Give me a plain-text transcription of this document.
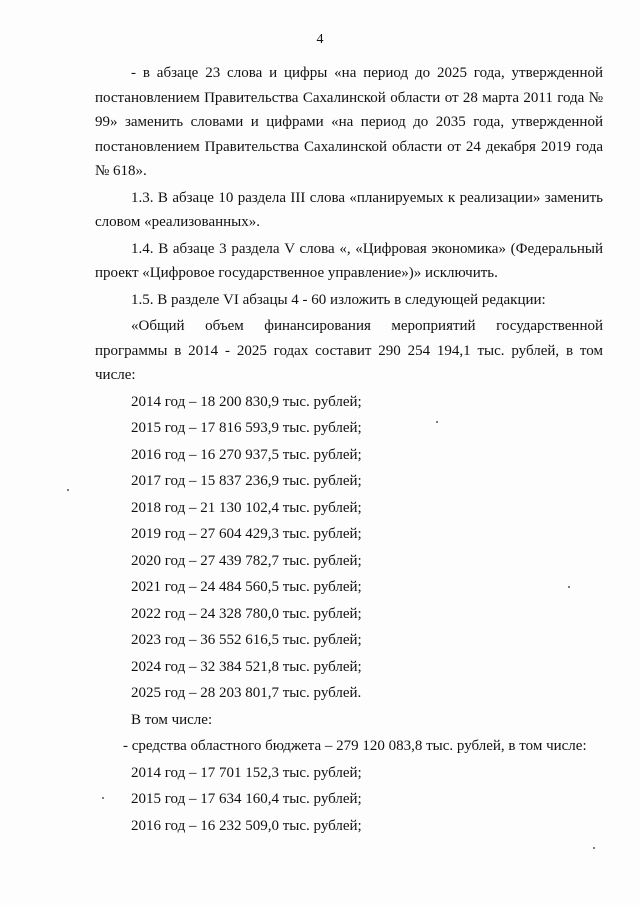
4

- в абзаце 23 слова и цифры «на период до 2025 года, утвержденной постановлением Правительства Сахалинской области от 28 марта 2011 года № 99» заменить словами и цифрами «на период до 2035 года, утвержденной постановлением Правительства Сахалинской области от 24 декабря 2019 года № 618».

1.3. В абзаце 10 раздела III слова «планируемых к реализации» заменить словом «реализованных».

1.4. В абзаце 3 раздела V слова «, «Цифровая экономика» (Федеральный проект «Цифровое государственное управление»)» исключить.

1.5. В разделе VI абзацы 4 - 60 изложить в следующей редакции:

«Общий объем финансирования мероприятий государственной программы в 2014 - 2025 годах составит 290 254 194,1 тыс. рублей, в том числе:

2014 год – 18 200 830,9 тыс. рублей;
2015 год – 17 816 593,9 тыс. рублей;
2016 год – 16 270 937,5 тыс. рублей;
2017 год – 15 837 236,9 тыс. рублей;
2018 год – 21 130 102,4 тыс. рублей;
2019 год – 27 604 429,3 тыс. рублей;
2020 год – 27 439 782,7 тыс. рублей;
2021 год – 24 484 560,5 тыс. рублей;
2022 год – 24 328 780,0 тыс. рублей;
2023 год – 36 552 616,5 тыс. рублей;
2024 год – 32 384 521,8 тыс. рублей;
2025 год – 28 203 801,7 тыс. рублей.
В том числе:
- средства областного бюджета – 279 120 083,8 тыс. рублей, в том числе:
2014 год – 17 701 152,3 тыс. рублей;
2015 год – 17 634 160,4 тыс. рублей;
2016 год – 16 232 509,0 тыс. рублей;
